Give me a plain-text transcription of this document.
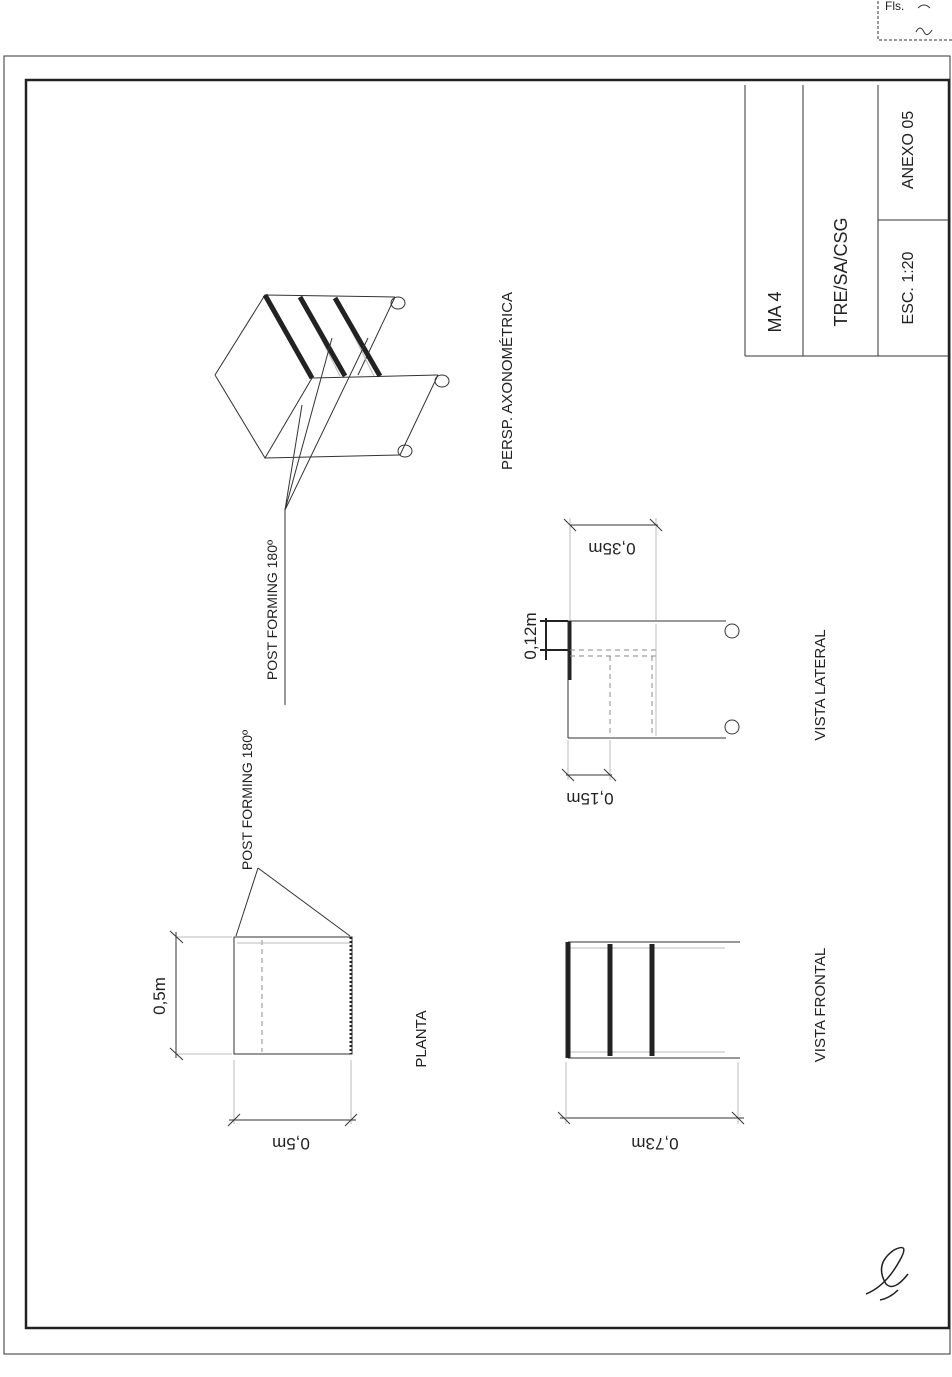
Fls.
MA 4	TRE/SA/CSG	ESC. 1:20
ANEXO 05
0,5m
0,5m
POST FORMING 180º
PLANTA
0,73m
VISTA FRONTAL
0,35m
0,12m
0,15m
VISTA LATERAL
POST FORMING 180º
PERSP. AXONOMÉTRICA
